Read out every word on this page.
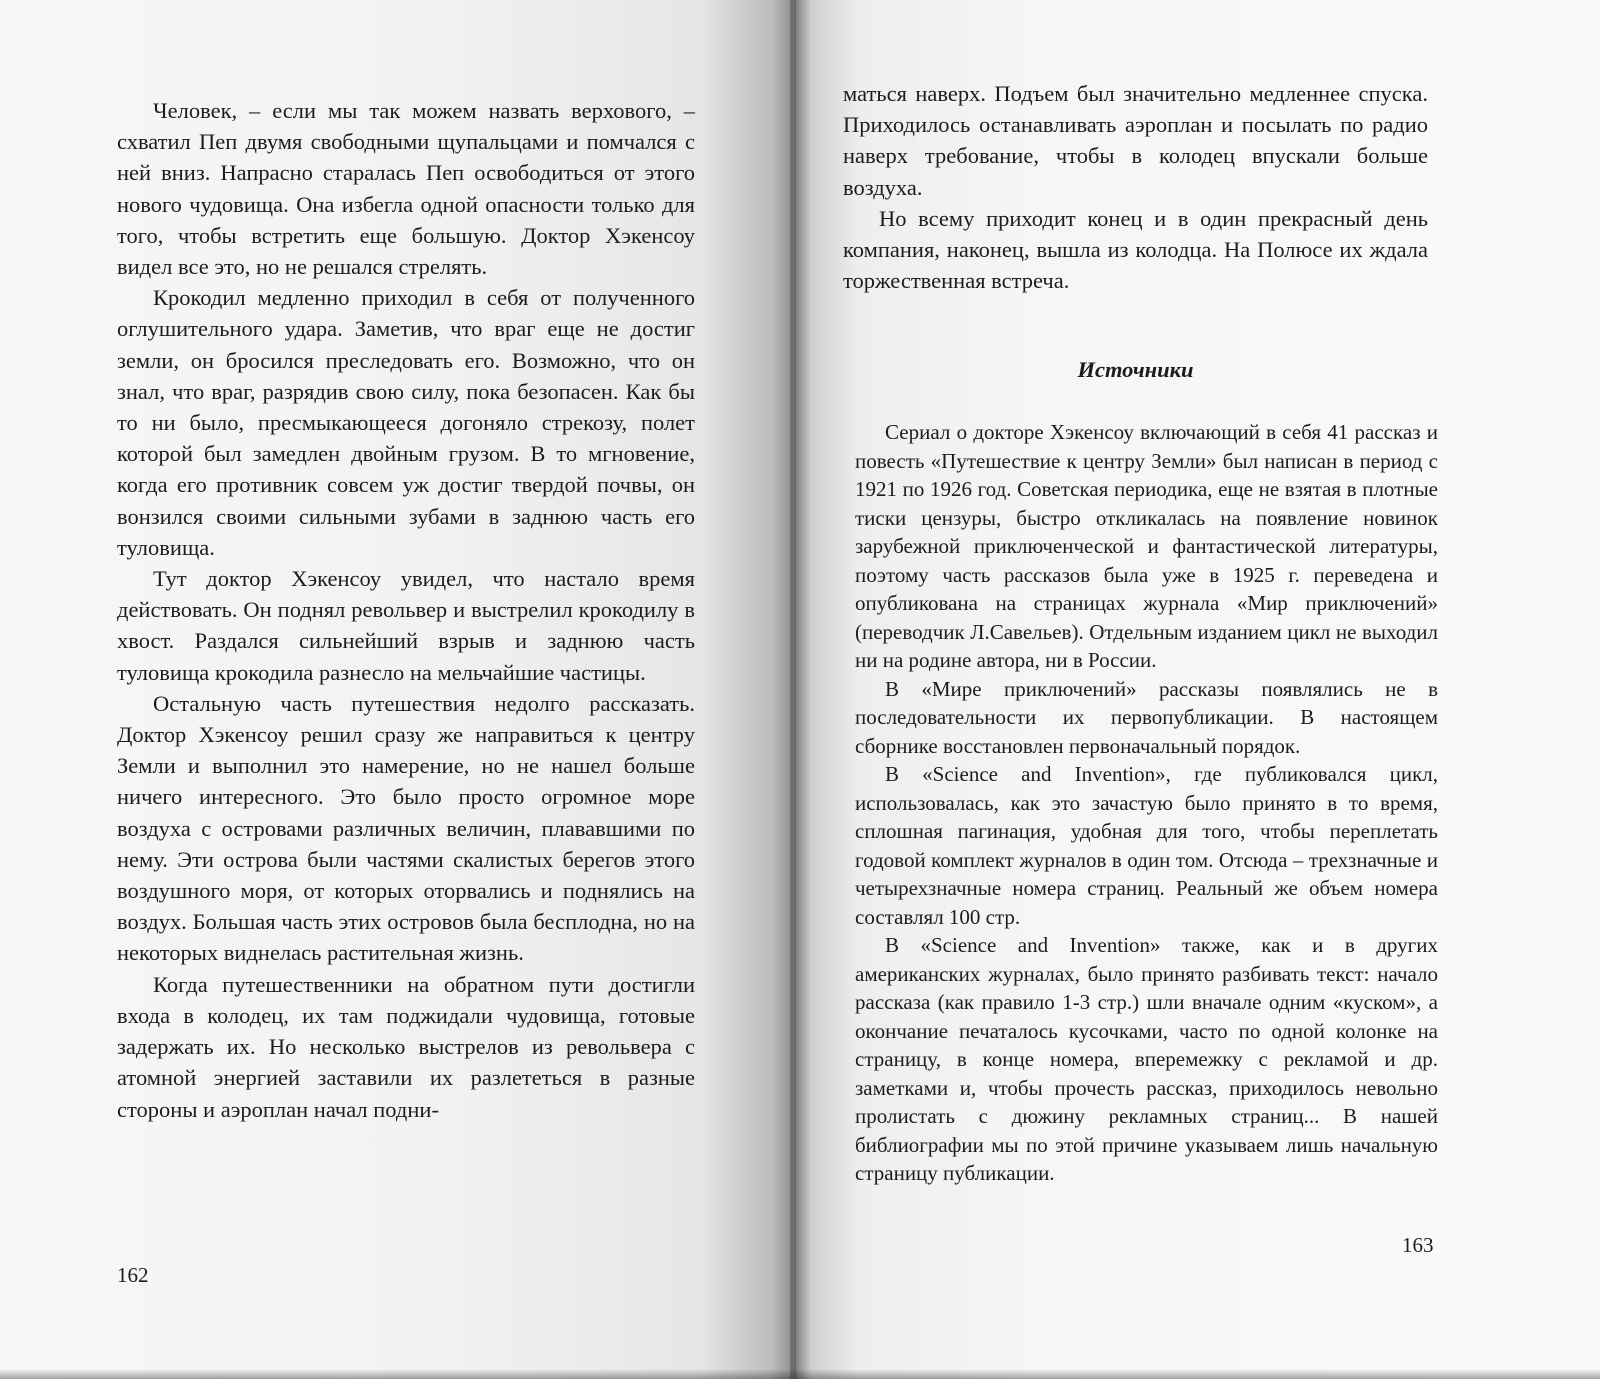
Человек, – если мы так можем назвать верхового, – схватил Пеп двумя свободными щупальцами и помчался с ней вниз. Напрасно старалась Пеп освободиться от этого нового чудовища. Она избегла одной опасности только для того, чтобы встретить еще большую. Доктор Хэкенсоу видел все это, но не решался стрелять.

Крокодил медленно приходил в себя от полученного оглушительного удара. Заметив, что враг еще не достиг земли, он бросился преследовать его. Возможно, что он знал, что враг, разрядив свою силу, пока безопасен. Как бы то ни было, пресмыкающееся догоняло стрекозу, полет которой был замедлен двойным грузом. В то мгновение, когда его противник совсем уж достиг твердой почвы, он вонзился своими сильными зубами в заднюю часть его туловища.

Тут доктор Хэкенсоу увидел, что настало время действовать. Он поднял револьвер и выстрелил крокодилу в хвост. Раздался сильнейший взрыв и заднюю часть туловища крокодила разнесло на мельчайшие частицы.

Остальную часть путешествия недолго рассказать. Доктор Хэкенсоу решил сразу же направиться к центру Земли и выполнил это намерение, но не нашел больше ничего интересного. Это было просто огромное море воздуха с островами различных величин, плававшими по нему. Эти острова были частями скалистых берегов этого воздушного моря, от которых оторвались и поднялись на воздух. Большая часть этих островов была бесплодна, но на некоторых виднелась растительная жизнь.

Когда путешественники на обратном пути достигли входа в колодец, их там поджидали чудовища, готовые задержать их. Но несколько выстрелов из револьвера с атомной энергией заставили их разлететься в разные стороны и аэроплан начал подни-

162

маться наверх. Подъем был значительно медленнее спуска. Приходилось останавливать аэроплан и посылать по радио наверх требование, чтобы в колодец впускали больше воздуха.

Но всему приходит конец и в один прекрасный день компания, наконец, вышла из колодца. На Полюсе их ждала торжественная встреча.

Источники

Сериал о докторе Хэкенсоу включающий в себя 41 рассказ и повесть «Путешествие к центру Земли» был написан в период с 1921 по 1926 год. Советская периодика, еще не взятая в плотные тиски цензуры, быстро откликалась на появление новинок зарубежной приключенческой и фантастической литературы, поэтому часть рассказов была уже в 1925 г. переведена и опубликована на страницах журнала «Мир приключений» (переводчик Л.Савельев). Отдельным изданием цикл не выходил ни на родине автора, ни в России.

В «Мире приключений» рассказы появлялись не в последовательности их первопубликации. В настоящем сборнике восстановлен первоначальный порядок.

В «Science and Invention», где публиковался цикл, использовалась, как это зачастую было принято в то время, сплошная пагинация, удобная для того, чтобы переплетать годовой комплект журналов в один том. Отсюда – трехзначные и четырехзначные номера страниц. Реальный же объем номера составлял 100 стр.

В «Science and Invention» также, как и в других американских журналах, было принято разбивать текст: начало рассказа (как правило 1-3 стр.) шли вначале одним «куском», а окончание печаталось кусочками, часто по одной колонке на страницу, в конце номера, вперемежку с рекламой и др. заметками и, чтобы прочесть рассказ, приходилось невольно пролистать с дюжину рекламных страниц... В нашей библиографии мы по этой причине указываем лишь начальную страницу публикации.

163
